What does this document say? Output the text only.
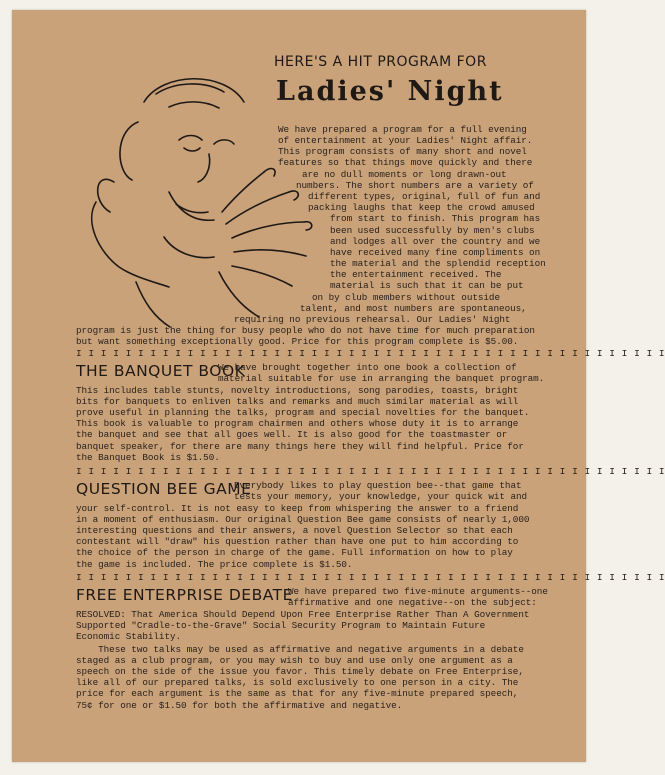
HERE'S A HIT PROGRAM FOR
Ladies' Night
We have prepared a program for a full evening
of entertainment at your Ladies' Night affair.
This program consists of many short and novel
features so that things move quickly and there
are no dull moments or long drawn-out
numbers. The short numbers are a variety of
different types, original, full of fun and
packing laughs that keep the crowd amused
from start to finish. This program has
been used successfully by men's clubs
and lodges all over the country and we
have received many fine compliments on
the material and the splendid reception
the entertainment received. The
material is such that it can be put
on by club members without outside
talent, and most numbers are spontaneous,
requiring no previous rehearsal. Our Ladies' Night
program is just the thing for busy people who do not have time for much preparation
but want something exceptionally good. Price for this program complete is $5.00.
I I I I I I I I I I I I I I I I I I I I I I I I I I I I I I I I I I I I I I I I I I I I I I I I
THE BANQUET BOOK
We have brought together into one book a collection of
material suitable for use in arranging the banquet program.
This includes table stunts, novelty introductions, song parodies, toasts, bright
bits for banquets to enliven talks and remarks and much similar material as will
prove useful in planning the talks, program and special novelties for the banquet.
This book is valuable to program chairmen and others whose duty it is to arrange
the banquet and see that all goes well. It is also good for the toastmaster or
banquet speaker, for there are many things here they will find helpful. Price for
the Banquet Book is $1.50.
I I I I I I I I I I I I I I I I I I I I I I I I I I I I I I I I I I I I I I I I I I I I I I I I
QUESTION BEE GAME
Everybody likes to play question bee--that game that
tests your memory, your knowledge, your quick wit and
your self-control. It is not easy to keep from whispering the answer to a friend
in a moment of enthusiasm. Our original Question Bee game consists of nearly 1,000
interesting questions and their answers, a novel Question Selector so that each
contestant will "draw" his question rather than have one put to him according to
the choice of the person in charge of the game. Full information on how to play
the game is included. The price complete is $1.50.
I I I I I I I I I I I I I I I I I I I I I I I I I I I I I I I I I I I I I I I I I I I I I I I I
FREE ENTERPRISE DEBATE
We have prepared two five-minute arguments--one
affirmative and one negative--on the subject:
RESOLVED: That America Should Depend Upon Free Enterprise Rather Than A Government
Supported "Cradle-to-the-Grave" Social Security Program to Maintain Future
Economic Stability.
These two talks may be used as affirmative and negative arguments in a debate
staged as a club program, or you may wish to buy and use only one argument as a
speech on the side of the issue you favor. This timely debate on Free Enterprise,
like all of our prepared talks, is sold exclusively to one person in a city. The
price for each argument is the same as that for any five-minute prepared speech,
75¢ for one or $1.50 for both the affirmative and negative.
